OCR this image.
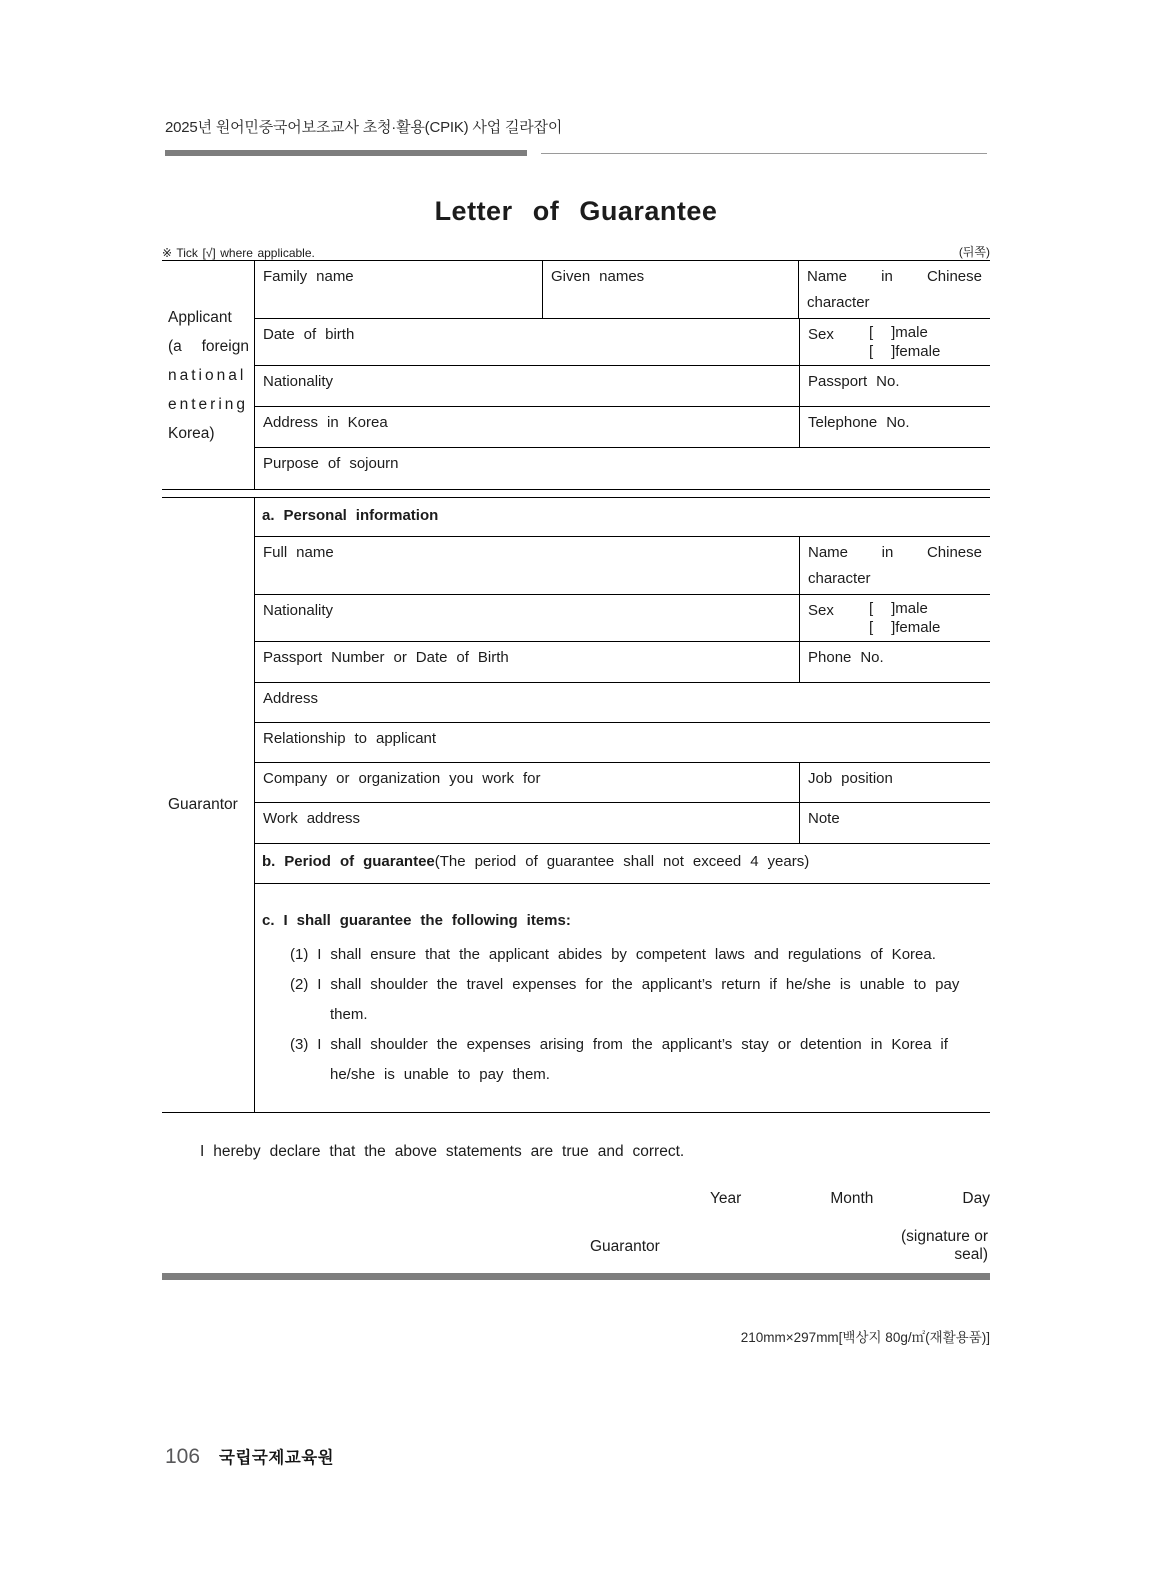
2025년 원어민중국어보조교사 초청·활용(CPIK) 사업 길라잡이
Letter of Guarantee
※ Tick [√] where applicable.	(뒤쪽)
Applicant
(a foreign
national
entering
Korea)
Family name	Given names	Name in Chinese
character
Date of birth	Sex	[  ]male
[  ]female
Nationality	Passport No.
Address in Korea	Telephone No.
Purpose of sojourn
Guarantor
a. Personal information
Full name	Name in Chinese
character
Nationality	Sex	[  ]male
[  ]female
Passport Number or Date of Birth	Phone No.
Address
Relationship to applicant
Company or organization you work for	Job position
Work address	Note
b. Period of guarantee(The period of guarantee shall not exceed 4 years)
c. I shall guarantee the following items:
(1) I shall ensure that the applicant abides by competent laws and regulations of Korea.
(2) I shall shoulder the travel expenses for the applicant’s return if he/she is unable to pay them.
(3) I shall shoulder the expenses arising from the applicant’s stay or detention in Korea if he/she is unable to pay them.
I hereby declare that the above statements are true and correct.
Year	Month	Day
Guarantor
(signature or seal)
210mm×297mm[백상지 80g/㎡(재활용품)]
106 국립국제교육원
